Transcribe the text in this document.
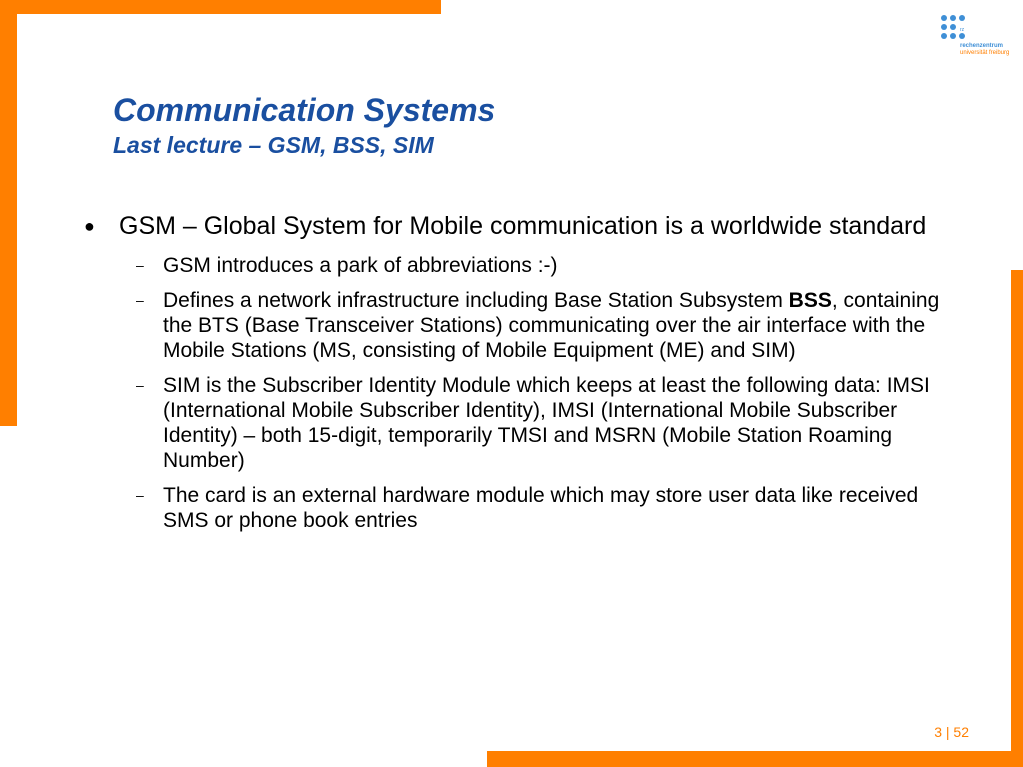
rz
rechenzentrum
universität freiburg
Communication Systems
Last lecture – GSM, BSS, SIM
● GSM – Global System for Mobile communication is a worldwide standard
– GSM introduces a park of abbreviations :-)
– Defines a network infrastructure including Base Station Subsystem BSS, containing the BTS (Base Transceiver Stations) communicating over the air interface with the Mobile Stations (MS, consisting of Mobile Equipment (ME) and SIM)
– SIM is the Subscriber Identity Module which keeps at least the following data: IMSI (International Mobile Subscriber Identity), IMSI (International Mobile Subscriber Identity) – both 15-digit, temporarily TMSI and MSRN (Mobile Station Roaming Number)
– The card is an external hardware module which may store user data like received SMS or phone book entries
3 | 52
